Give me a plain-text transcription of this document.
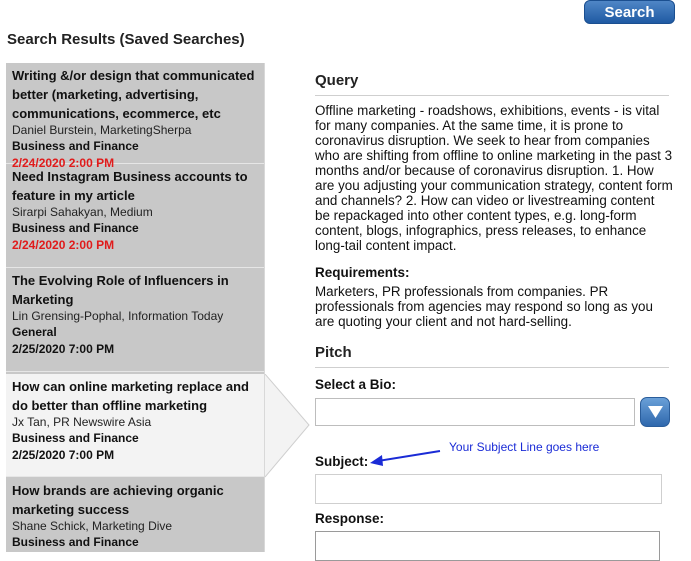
Search
Search Results (Saved Searches)
Writing &/or design that communicated better (marketing, advertising, communications, ecommerce, etc
Daniel Burstein, MarketingSherpa
Business and Finance
2/24/2020 2:00 PM
Need Instagram Business accounts to feature in my article
Sirarpi Sahakyan, Medium
Business and Finance
2/24/2020 2:00 PM
The Evolving Role of Influencers in Marketing
Lin Grensing-Pophal, Information Today
General
2/25/2020 7:00 PM
How can online marketing replace and do better than offline marketing
Jx Tan, PR Newswire Asia
Business and Finance
2/25/2020 7:00 PM
How brands are achieving organic marketing success
Shane Schick, Marketing Dive
Business and Finance
Query
Offline marketing - roadshows, exhibitions, events - is vital for many companies. At the same time, it is prone to coronavirus disruption. We seek to hear from companies who are shifting from offline to online marketing in the past 3 months and/or because of coronavirus disruption. 1. How are you adjusting your communication strategy, content form and channels? 2. How can video or livestreaming content be repackaged into other content types, e.g. long-form content, blogs, infographics, press releases, to enhance long-tail content impact.
Requirements:
Marketers, PR professionals from companies. PR professionals from agencies may respond so long as you are quoting your client and not hard-selling.
Pitch
Select a Bio:
Your Subject Line goes here
Subject:
Response:
